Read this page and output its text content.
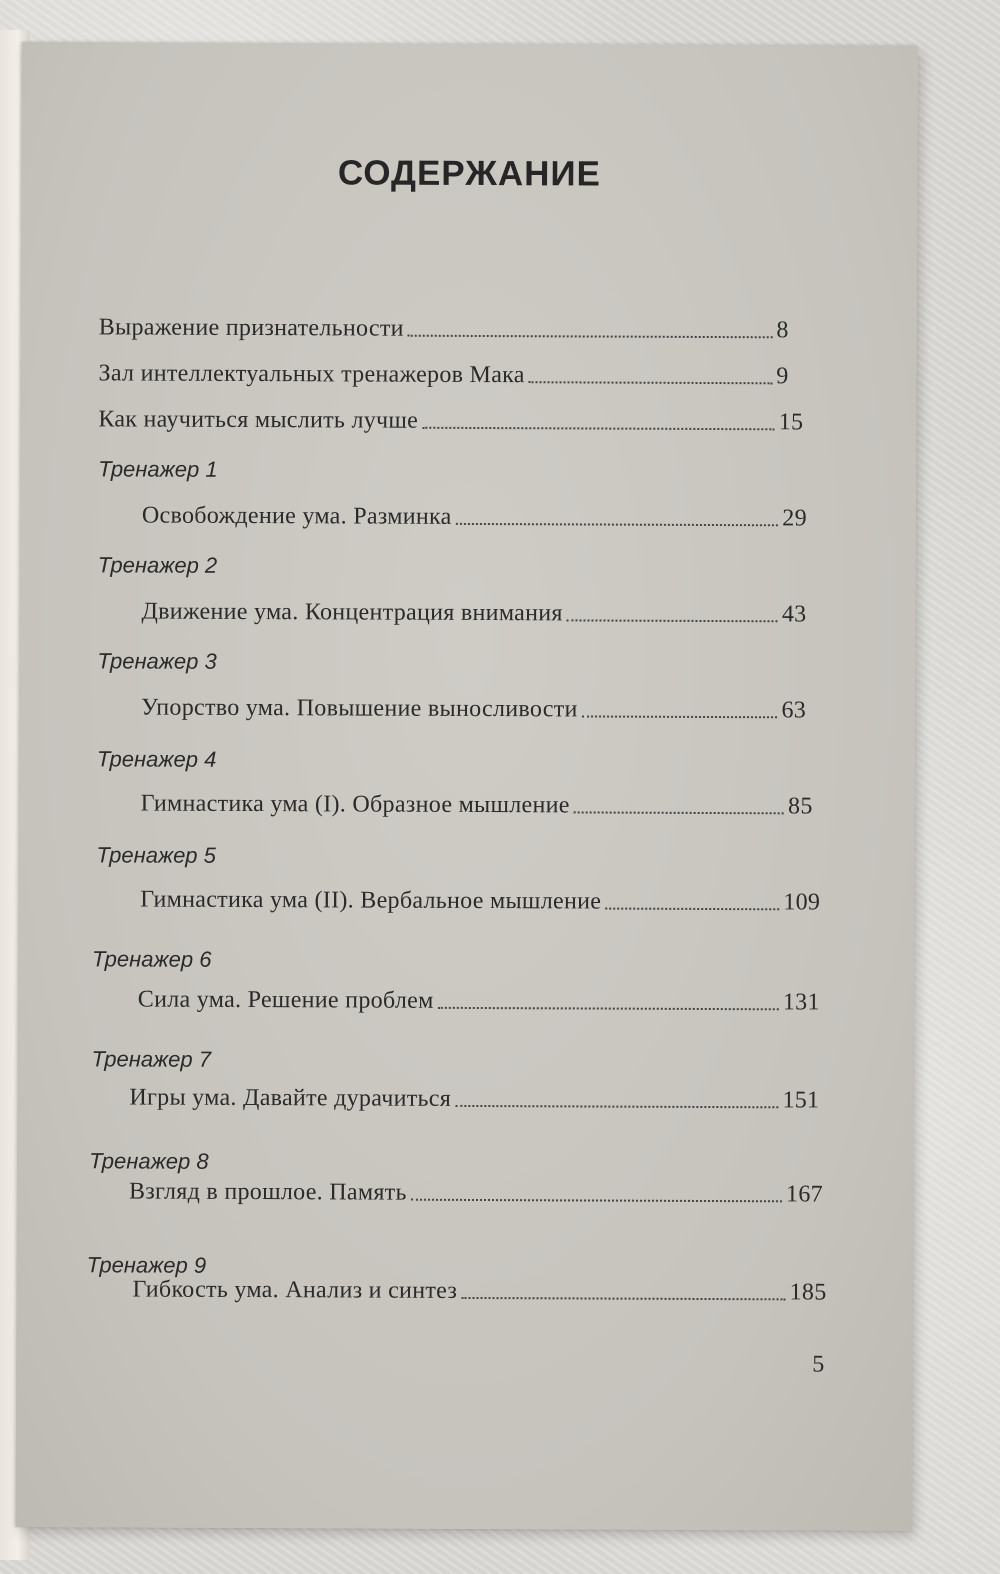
СОДЕРЖАНИЕ
Выражение признательности	8
Зал интеллектуальных тренажеров Мака	9
Как научиться мыслить лучше	15
Тренажер 1
Освобождение ума. Разминка	29
Тренажер 2
Движение ума. Концентрация внимания	43
Тренажер 3
Упорство ума. Повышение выносливости	63
Тренажер 4
Гимнастика ума (I). Образное мышление	85
Тренажер 5
Гимнастика ума (II). Вербальное мышление	109
Тренажер 6
Сила ума. Решение проблем	131
Тренажер 7
Игры ума. Давайте дурачиться	151
Тренажер 8
Взгляд в прошлое. Память	167
Тренажер 9
Гибкость ума. Анализ и синтез	185
5
